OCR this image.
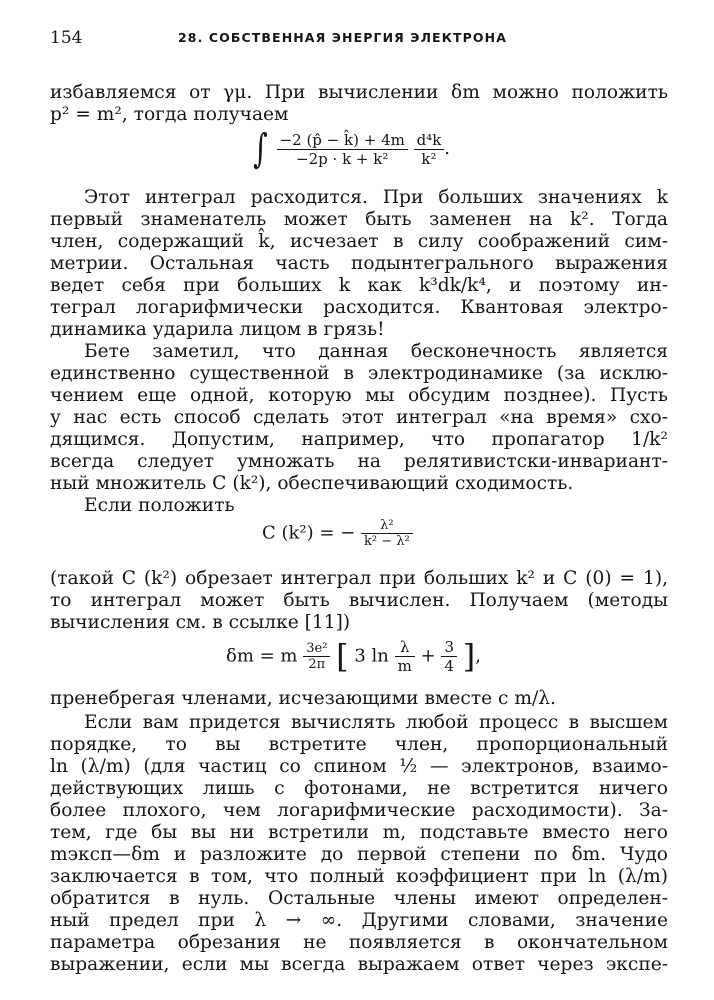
154	28. СОБСТВЕННАЯ ЭНЕРГИЯ ЭЛЕКТРОНА
избавляемся от γμ. При вычислении δm можно положить
p² = m², тогда получаем
∫ $\frac{-2 (p̂ - k̂) + 4m}{\text{−2p · k + k²}}$
$\frac{\text{d⁴k}}{\text{k²}}$ .
Этот интеграл расходится. При больших значениях k
первый знаменатель может быть заменен на k². Тогда
член, содержащий k̂, исчезает в силу соображений сим-
метрии. Остальная часть подынтегрального выражения
ведет себя при больших k как k³dk/k⁴, и поэтому ин-
теграл логарифмически расходится. Квантовая электро-
динамика ударила лицом в грязь!
Бете заметил, что данная бесконечность является
единственно существенной в электродинамике (за исклю-
чением еще одной, которую мы обсудим позднее). Пусть
у нас есть способ сделать этот интеграл «на время» схо-
дящимся. Допустим, например, что пропагатор 1/k²
всегда следует умножать на релятивистски-инвариант-
ный множитель C (k²), обеспечивающий сходимость.
Если положить
C (k²) = − $\frac{\text{λ²}}{\text{k² − λ²}}$
(такой C (k²) обрезает интеграл при больших k² и C (0) = 1),
то интеграл может быть вычислен. Получаем (методы
вычисления см. в ссылке [11])
δm = m $\frac{\text{3e²}}{2\pi}$ [ 3 $\ln \frac{\lambda}{m} + \frac{3}{4}$ ],
пренебрегая членами, исчезающими вместе с m/λ.
Если вам придется вычислять любой процесс в высшем
порядке, то вы встретите член, пропорциональный
ln (λ/m) (для частиц со спином ½ — электронов, взаимо-
действующих лишь с фотонами, не встретится ничего
более плохого, чем логарифмические расходимости). За-
тем, где бы вы ни встретили m, подставьте вместо него
mэксп—δm и разложите до первой степени по δm. Чудо
заключается в том, что полный коэффициент при ln (λ/m)
обратится в нуль. Остальные члены имеют определен-
ный предел при λ → ∞. Другими словами, значение
параметра обрезания не появляется в окончательном
выражении, если мы всегда выражаем ответ через экспе-
